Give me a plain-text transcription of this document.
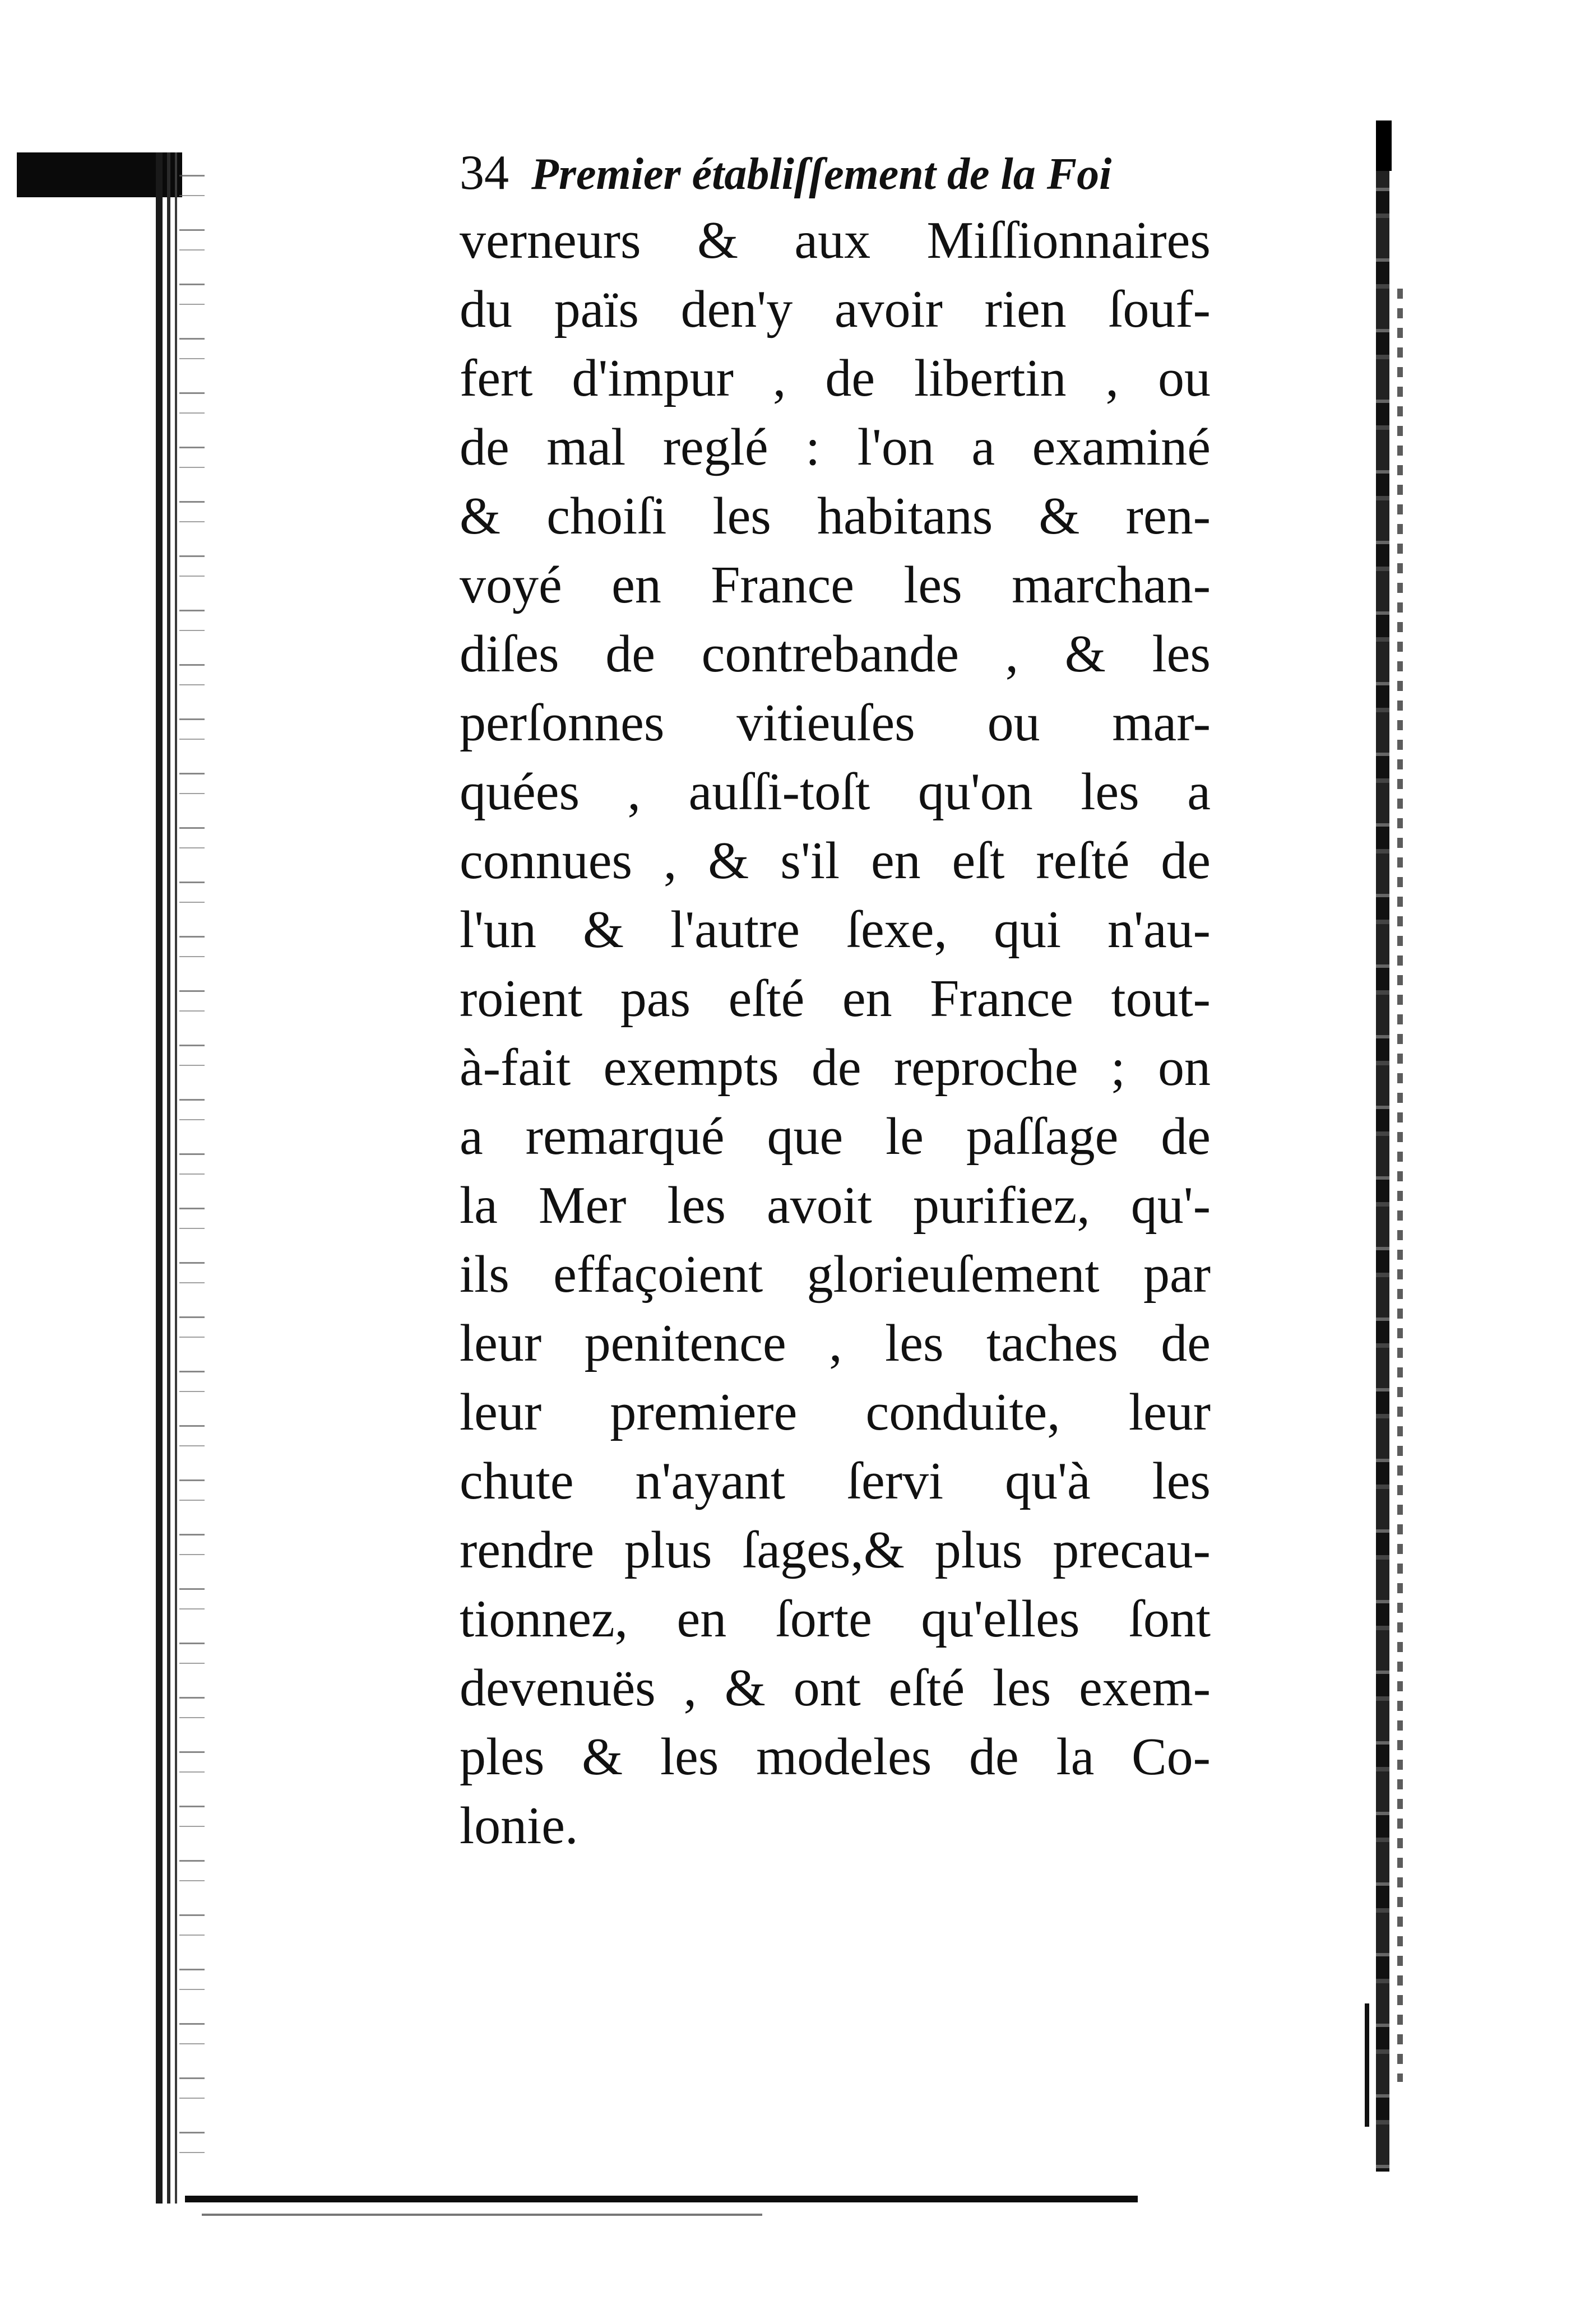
34 Premier établiſſement de la Foi
verneurs & aux Miſſionnaires
du païs den'y avoir rien ſouf-
fert d'impur , de libertin , ou
de mal reglé : l'on a examiné
& choiſi les habitans & ren-
voyé en France les marchan-
diſes de contrebande , & les
perſonnes vitieuſes ou mar-
quées , auſſi-toſt qu'on les a
connues , & s'il en eſt reſté de
l'un & l'autre ſexe, qui n'au-
roient pas eſté en France tout-
à-fait exempts de reproche ; on
a remarqué que le paſſage de
la Mer les avoit purifiez, qu'-
ils effaçoient glorieuſement par
leur penitence , les taches de
leur premiere conduite, leur
chute n'ayant ſervi qu'à les
rendre plus ſages,& plus precau-
tionnez, en ſorte qu'elles ſont
devenuës , & ont eſté les exem-
ples & les modeles de la Co-
lonie.
